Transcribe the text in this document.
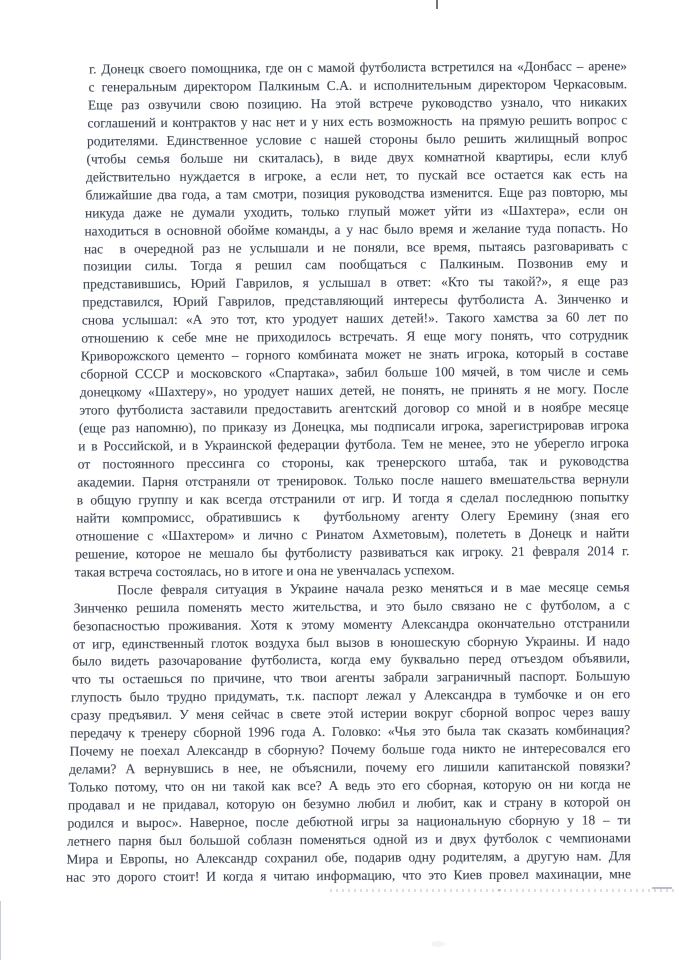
г. Донецк своего помощника, где он с мамой футболиста встретился на «Донбасс – арене»
с генеральным директором Палкиным С.А. и исполнительным директором Черкасовым.
Еще раз озвучили свою позицию. На этой встрече руководство узнало, что никаких
соглашений и контрактов у нас нет и у них есть возможность  на прямую решить вопрос с
родителями. Единственное условие с нашей стороны было решить жилищный вопрос
(чтобы семья больше ни скиталась), в виде двух комнатной квартиры, если клуб
действительно нуждается в игроке, а если нет, то пускай все остается как есть на
ближайшие два года, а там смотри, позиция руководства изменится. Еще раз повторю, мы
никуда даже не думали уходить, только глупый может уйти из «Шахтера», если он
находиться в основной обойме команды, а у нас было время и желание туда попасть. Но
нас  в очередной раз не услышали и не поняли, все время, пытаясь разговаривать с
позиции силы. Тогда я решил сам пообщаться с Палкиным. Позвонив ему и
представившись, Юрий Гаврилов, я услышал в ответ: «Кто ты такой?», я еще раз
представился, Юрий Гаврилов, представляющий интересы футболиста А. Зинченко и
снова услышал: «А это тот, кто уродует наших детей!». Такого хамства за 60 лет по
отношению к себе мне не приходилось встречать. Я еще могу понять, что сотрудник
Криворожского цементо – горного комбината может не знать игрока, который в составе
сборной СССР и московского «Спартака», забил больше 100 мячей, в том числе и семь
донецкому «Шахтеру», но уродует наших детей, не понять, не принять я не могу. После
этого футболиста заставили предоставить агентский договор со мной и в ноябре месяце
(еще раз напомню), по приказу из Донецка, мы подписали игрока, зарегистрировав игрока
и в Российской, и в Украинской федерации футбола. Тем не менее, это не уберегло игрока
от постоянного прессинга со стороны, как тренерского штаба, так и руководства
академии. Парня отстраняли от тренировок. Только после нашего вмешательства вернули
в общую группу и как всегда отстранили от игр. И тогда я сделал последнюю попытку
найти компромисс, обратившись к  футбольному агенту Олегу Еремину (зная его
отношение с «Шахтером» и лично с Ринатом Ахметовым), полететь в Донецк и найти
решение, которое не мешало бы футболисту развиваться как игроку. 21 февраля 2014 г.
такая встреча состоялась, но в итоге и она не увенчалась успехом.
После февраля ситуация в Украине начала резко меняться и в мае месяце семья
Зинченко решила поменять место жительства, и это было связано не с футболом, а с
безопасностью проживания. Хотя к этому моменту Александра окончательно отстранили
от игр, единственный глоток воздуха был вызов в юношескую сборную Украины. И надо
было видеть разочарование футболиста, когда ему буквально перед отъездом объявили,
что ты остаешься по причине, что твои агенты забрали заграничный паспорт. Большую
глупость было трудно придумать, т.к. паспорт лежал у Александра в тумбочке и он его
сразу предъявил. У меня сейчас в свете этой истерии вокруг сборной вопрос через вашу
передачу к тренеру сборной 1996 года А. Головко: «Чья это была так сказать комбинация?
Почему не поехал Александр в сборную? Почему больше года никто не интересовался его
делами? А вернувшись в нее, не объяснили, почему его лишили капитанской повязки?
Только потому, что он ни такой как все? А ведь это его сборная, которую он ни когда не
продавал и не придавал, которую он безумно любил и любит, как и страну в которой он
родился и вырос». Наверное, после дебютной игры за национальную сборную у 18 – ти
летнего парня был большой соблазн поменяться одной из и двух футболок с чемпионами
Мира и Европы, но Александр сохранил обе, подарив одну родителям, а другую нам. Для
нас это дорого стоит! И когда я читаю информацию, что это Киев провел махинации, мне
